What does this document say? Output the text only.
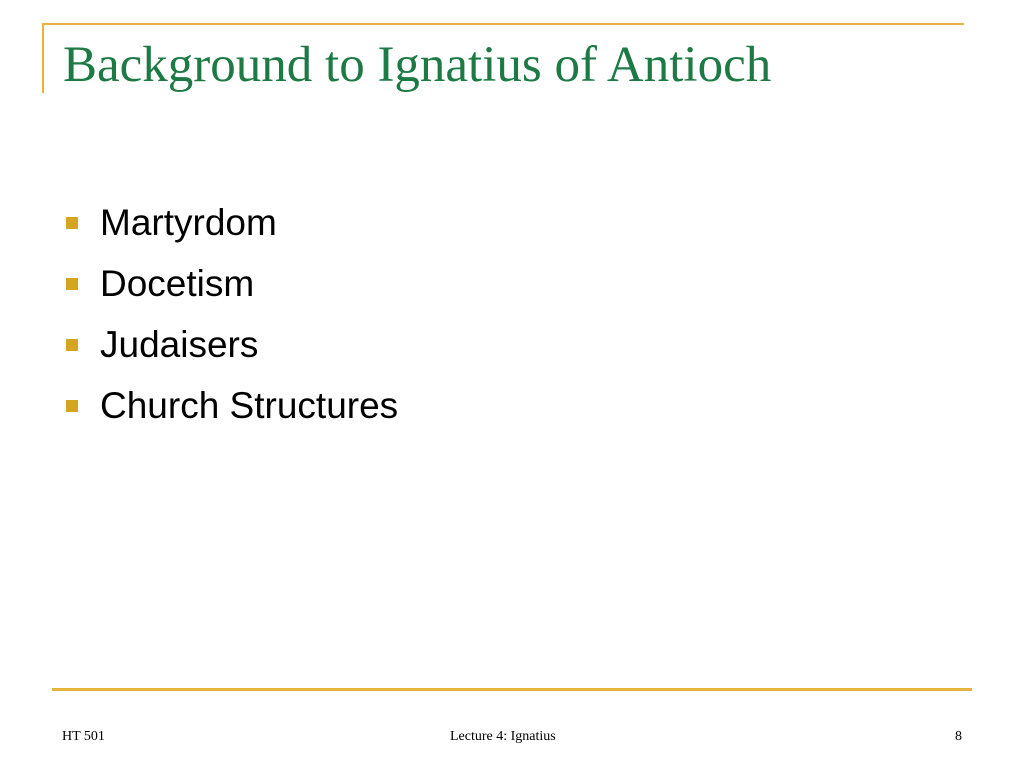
Background to Ignatius of Antioch
Martyrdom
Docetism
Judaisers
Church Structures
HT 501	Lecture 4: Ignatius	8
